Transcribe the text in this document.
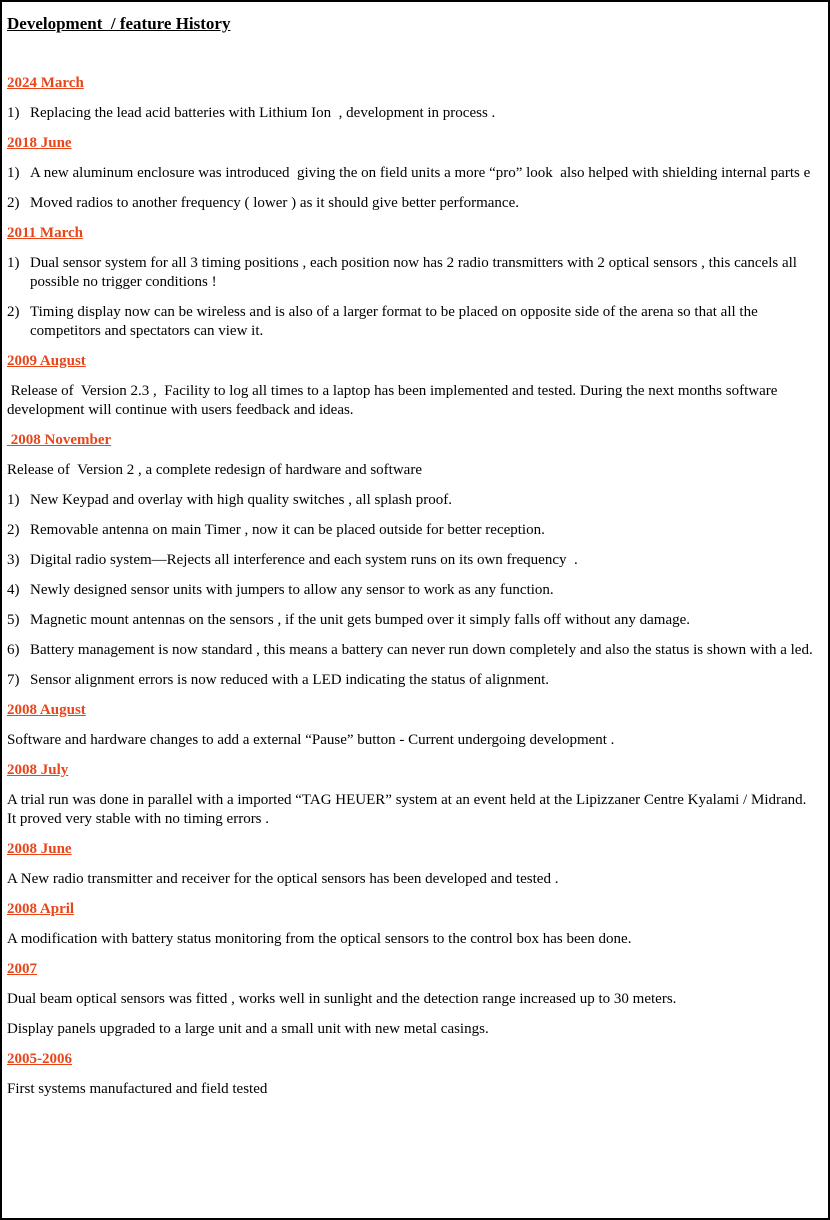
Development  / feature History
2024 March
1) Replacing the lead acid batteries with Lithium Ion  , development in process .
2018 June
1) A new aluminum enclosure was introduced  giving the on field units a more “pro” look  also helped with shielding internal parts e
2) Moved radios to another frequency ( lower ) as it should give better performance.
2011 March
1) Dual sensor system for all 3 timing positions , each position now has 2 radio transmitters with 2 optical sensors , this cancels all possible no trigger conditions !
2) Timing display now can be wireless and is also of a larger format to be placed on opposite side of the arena so that all the competitors and spectators can view it.
2009 August

Release of  Version 2.3 ,  Facility to log all times to a laptop has been implemented and tested. During the next months software development will continue with users feedback and ideas.

2008 November

Release of  Version 2 , a complete redesign of hardware and software

1) New Keypad and overlay with high quality switches , all splash proof.
2) Removable antenna on main Timer , now it can be placed outside for better reception.
3) Digital radio system—Rejects all interference and each system runs on its own frequency  .
4) Newly designed sensor units with jumpers to allow any sensor to work as any function.
5) Magnetic mount antennas on the sensors , if the unit gets bumped over it simply falls off without any damage.
6) Battery management is now standard , this means a battery can never run down completely and also the status is shown with a led.
7) Sensor alignment errors is now reduced with a LED indicating the status of alignment.
2008 August

Software and hardware changes to add a external “Pause” button - Current undergoing development .

2008 July

A trial run was done in parallel with a imported “TAG HEUER” system at an event held at the Lipizzaner Centre Kyalami / Midrand.  It proved very stable with no timing errors .

2008 June

A New radio transmitter and receiver for the optical sensors has been developed and tested .

2008 April

A modification with battery status monitoring from the optical sensors to the control box has been done.

2007

Dual beam optical sensors was fitted , works well in sunlight and the detection range increased up to 30 meters.

Display panels upgraded to a large unit and a small unit with new metal casings.

2005-2006

First systems manufactured and field tested
